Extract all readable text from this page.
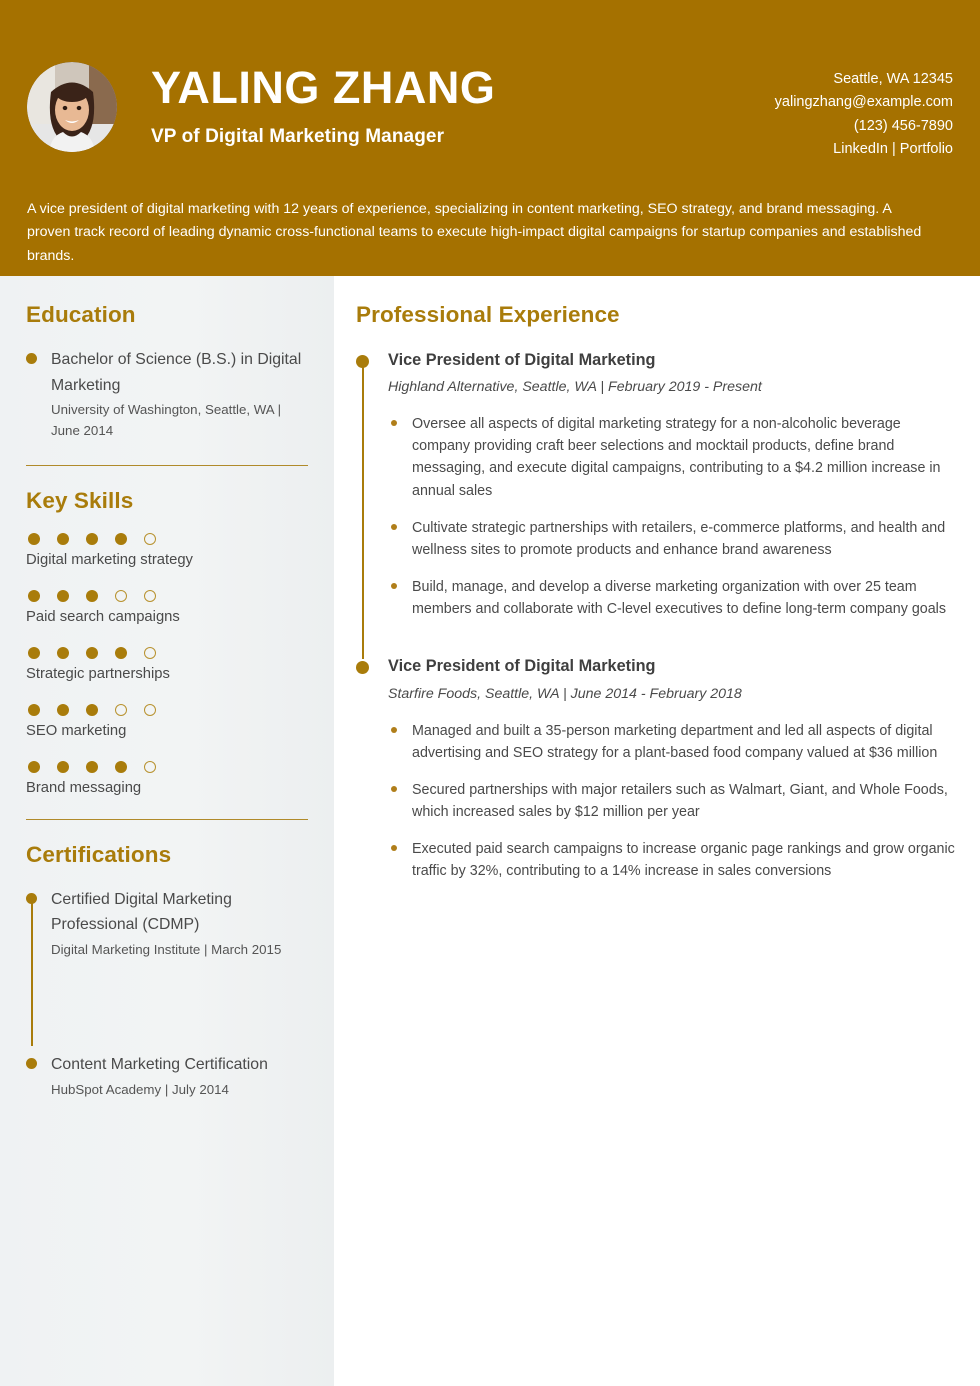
YALING ZHANG
VP of Digital Marketing Manager
Seattle, WA 12345
yalingzhang@example.com
(123) 456-7890
LinkedIn | Portfolio
A vice president of digital marketing with 12 years of experience, specializing in content marketing, SEO strategy, and brand messaging. A proven track record of leading dynamic cross-functional teams to execute high-impact digital campaigns for startup companies and established brands.
Education
Bachelor of Science (B.S.) in Digital Marketing
University of Washington, Seattle, WA | June 2014
Key Skills
Digital marketing strategy
Paid search campaigns
Strategic partnerships
SEO marketing
Brand messaging
Certifications
Certified Digital Marketing Professional (CDMP)
Digital Marketing Institute | March 2015
Content Marketing Certification
HubSpot Academy | July 2014
Professional Experience
Vice President of Digital Marketing
Highland Alternative, Seattle, WA | February 2019 - Present
Oversee all aspects of digital marketing strategy for a non-alcoholic beverage company providing craft beer selections and mocktail products, define brand messaging, and execute digital campaigns, contributing to a $4.2 million increase in annual sales
Cultivate strategic partnerships with retailers, e-commerce platforms, and health and wellness sites to promote products and enhance brand awareness
Build, manage, and develop a diverse marketing organization with over 25 team members and collaborate with C-level executives to define long-term company goals
Vice President of Digital Marketing
Starfire Foods, Seattle, WA | June 2014 - February 2018
Managed and built a 35-person marketing department and led all aspects of digital advertising and SEO strategy for a plant-based food company valued at $36 million
Secured partnerships with major retailers such as Walmart, Giant, and Whole Foods, which increased sales by $12 million per year
Executed paid search campaigns to increase organic page rankings and grow organic traffic by 32%, contributing to a 14% increase in sales conversions
